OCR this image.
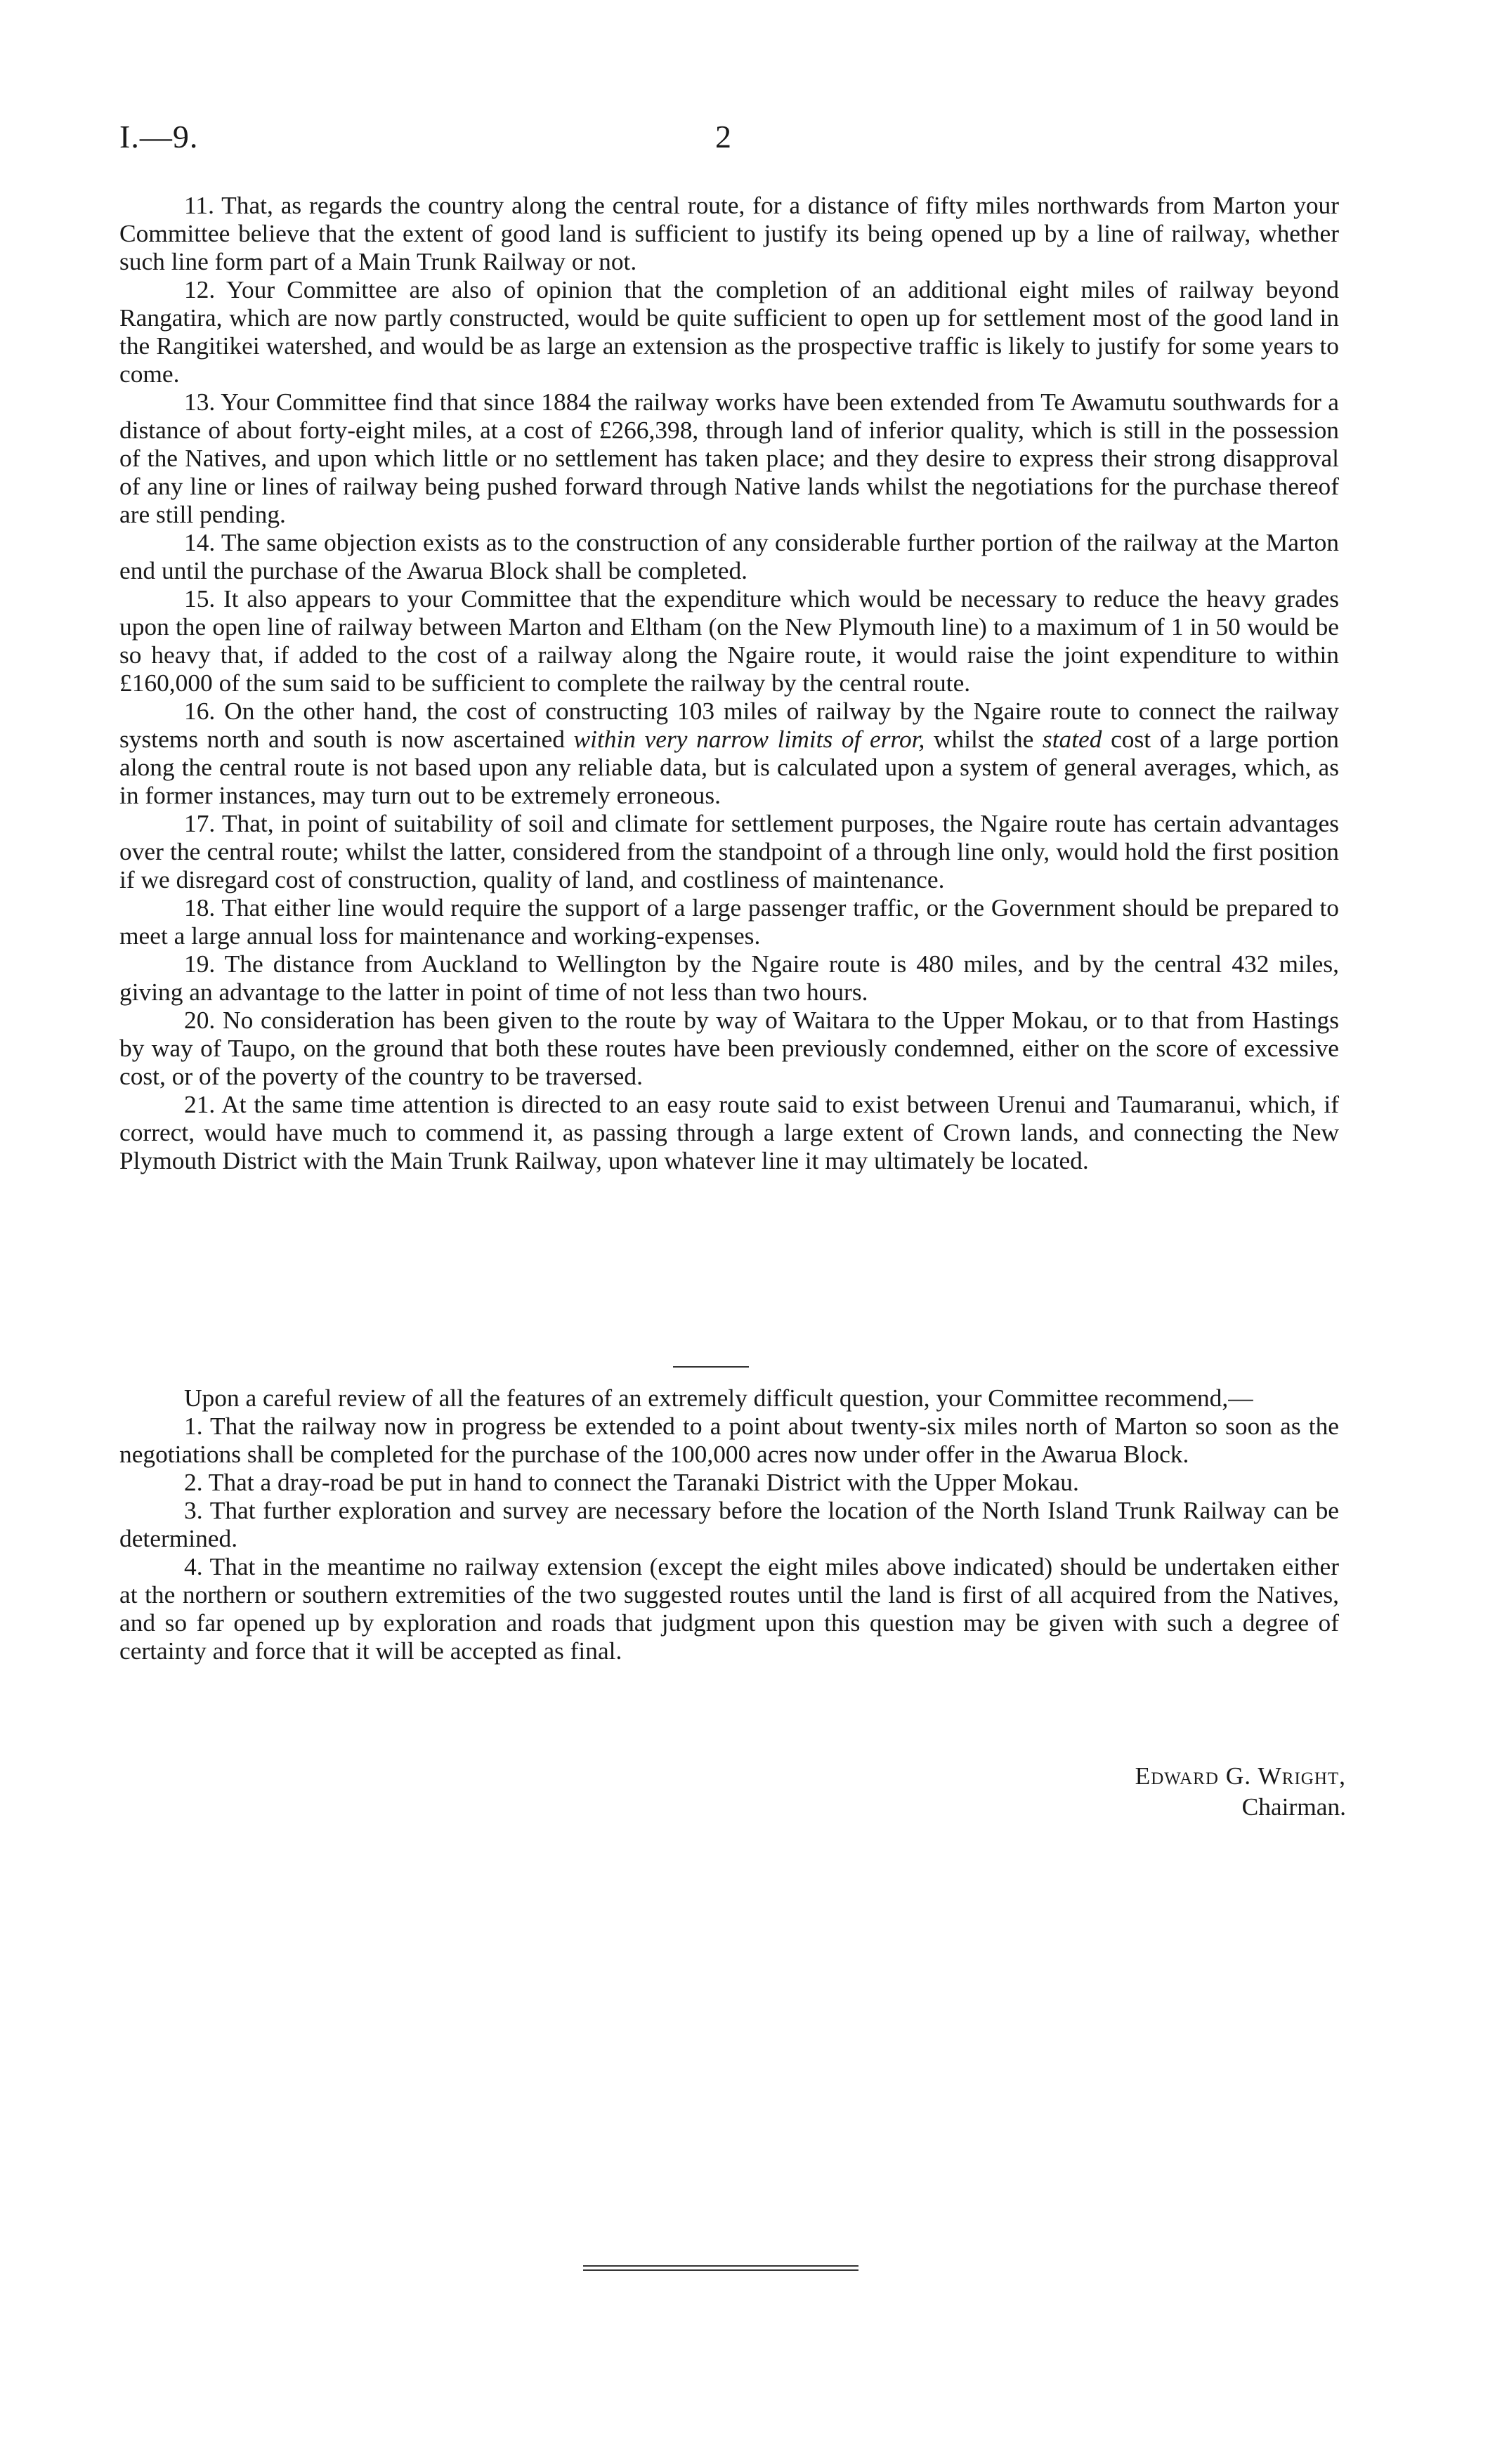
I.—9.	2

11. That, as regards the country along the central route, for a distance of fifty miles northwards from Marton your Committee believe that the extent of good land is sufficient to justify its being opened up by a line of railway, whether such line form part of a Main Trunk Railway or not.

12. Your Committee are also of opinion that the completion of an additional eight miles of railway beyond Rangatira, which are now partly constructed, would be quite sufficient to open up for settlement most of the good land in the Rangitikei watershed, and would be as large an extension as the prospective traffic is likely to justify for some years to come.

13. Your Committee find that since 1884 the railway works have been extended from Te Awamutu southwards for a distance of about forty-eight miles, at a cost of £266,398, through land of inferior quality, which is still in the possession of the Natives, and upon which little or no settlement has taken place; and they desire to express their strong disapproval of any line or lines of railway being pushed forward through Native lands whilst the negotiations for the purchase thereof are still pending.

14. The same objection exists as to the construction of any considerable further portion of the railway at the Marton end until the purchase of the Awarua Block shall be completed.

15. It also appears to your Committee that the expenditure which would be necessary to reduce the heavy grades upon the open line of railway between Marton and Eltham (on the New Plymouth line) to a maximum of 1 in 50 would be so heavy that, if added to the cost of a railway along the Ngaire route, it would raise the joint expenditure to within £160,000 of the sum said to be sufficient to complete the railway by the central route.

16. On the other hand, the cost of constructing 103 miles of railway by the Ngaire route to connect the railway systems north and south is now ascertained within very narrow limits of error, whilst the stated cost of a large portion along the central route is not based upon any reliable data, but is calculated upon a system of general averages, which, as in former instances, may turn out to be extremely erroneous.

17. That, in point of suitability of soil and climate for settlement purposes, the Ngaire route has certain advantages over the central route; whilst the latter, considered from the standpoint of a through line only, would hold the first position if we disregard cost of construction, quality of land, and costliness of maintenance.

18. That either line would require the support of a large passenger traffic, or the Government should be prepared to meet a large annual loss for maintenance and working-expenses.

19. The distance from Auckland to Wellington by the Ngaire route is 480 miles, and by the central 432 miles, giving an advantage to the latter in point of time of not less than two hours.

20. No consideration has been given to the route by way of Waitara to the Upper Mokau, or to that from Hastings by way of Taupo, on the ground that both these routes have been previously condemned, either on the score of excessive cost, or of the poverty of the country to be traversed.

21. At the same time attention is directed to an easy route said to exist between Urenui and Taumaranui, which, if correct, would have much to commend it, as passing through a large extent of Crown lands, and connecting the New Plymouth District with the Main Trunk Railway, upon whatever line it may ultimately be located.

Upon a careful review of all the features of an extremely difficult question, your Committee recommend,—

1. That the railway now in progress be extended to a point about twenty-six miles north of Marton so soon as the negotiations shall be completed for the purchase of the 100,000 acres now under offer in the Awarua Block.

2. That a dray-road be put in hand to connect the Taranaki District with the Upper Mokau.

3. That further exploration and survey are necessary before the location of the North Island Trunk Railway can be determined.

4. That in the meantime no railway extension (except the eight miles above indicated) should be undertaken either at the northern or southern extremities of the two suggested routes until the land is first of all acquired from the Natives, and so far opened up by exploration and roads that judgment upon this question may be given with such a degree of certainty and force that it will be accepted as final.

Edward G. Wright,
Chairman.
